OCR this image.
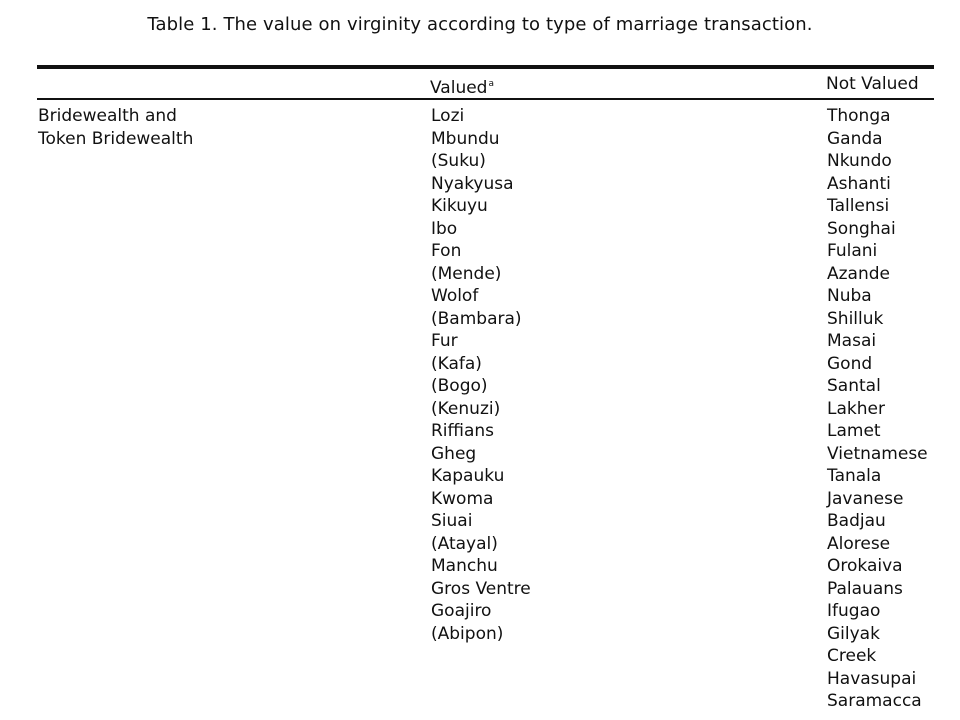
Table 1. The value on virginity according to type of marriage transaction.
Valued$^a$	Not Valued
Bridewealth and
Token Bridewealth
Lozi
Mbundu
(Suku)
Nyakyusa
Kikuyu
Ibo
Fon
(Mende)
Wolof
(Bambara)
Fur
(Kafa)
(Bogo)
(Kenuzi)
Riffians
Gheg
Kapauku
Kwoma
Siuai
(Atayal)
Manchu
Gros Ventre
Goajiro
(Abipon)
Thonga
Ganda
Nkundo
Ashanti
Tallensi
Songhai
Fulani
Azande
Nuba
Shilluk
Masai
Gond
Santal
Lakher
Lamet
Vietnamese
Tanala
Javanese
Badjau
Alorese
Orokaiva
Palauans
Ifugao
Gilyak
Creek
Havasupai
Saramacca
